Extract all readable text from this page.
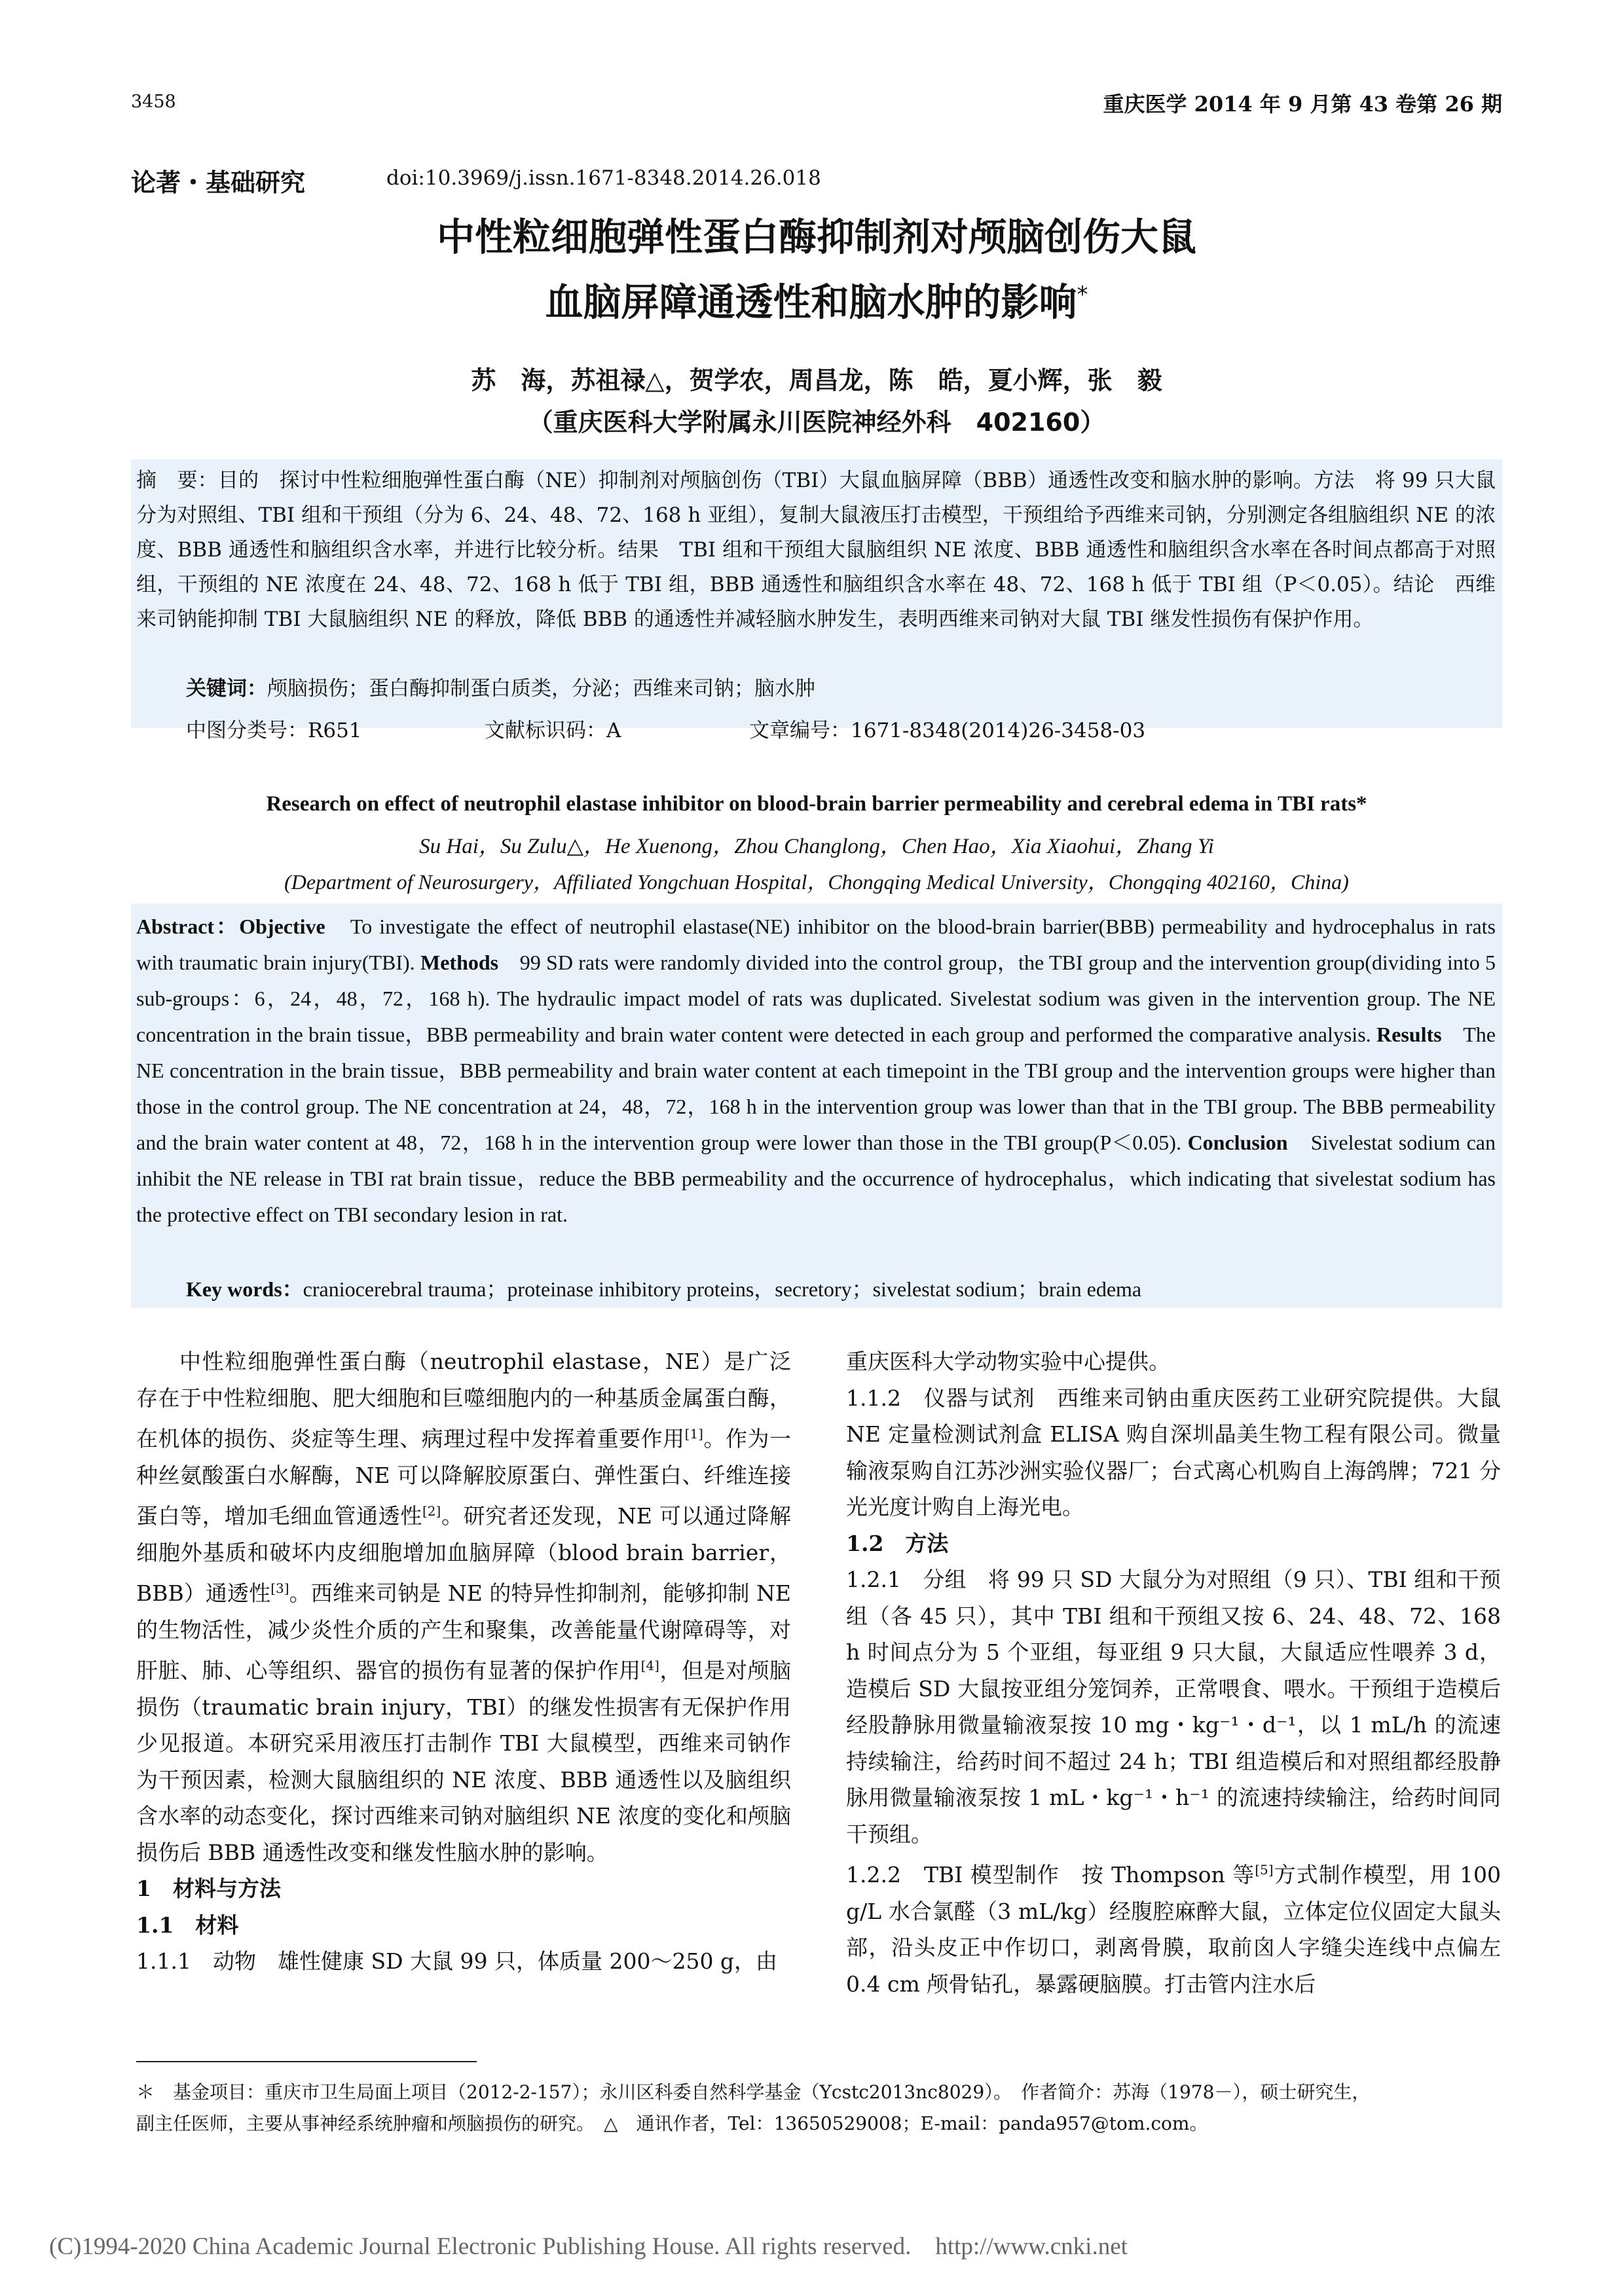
3458	重庆医学 2014 年 9 月第 43 卷第 26 期
论著・基础研究	doi:10.3969/j.issn.1671-8348.2014.26.018
中性粒细胞弹性蛋白酶抑制剂对颅脑创伤大鼠
血脑屏障通透性和脑水肿的影响*
苏　海，苏祖禄△，贺学农，周昌龙，陈　皓，夏小辉，张　毅
（重庆医科大学附属永川医院神经外科　402160）
摘　要：目的　探讨中性粒细胞弹性蛋白酶（NE）抑制剂对颅脑创伤（TBI）大鼠血脑屏障（BBB）通透性改变和脑水肿的影响。方法　将 99 只大鼠分为对照组、TBI 组和干预组（分为 6、24、48、72、168 h 亚组），复制大鼠液压打击模型，干预组给予西维来司钠，分别测定各组脑组织 NE 的浓度、BBB 通透性和脑组织含水率，并进行比较分析。结果　TBI 组和干预组大鼠脑组织 NE 浓度、BBB 通透性和脑组织含水率在各时间点都高于对照组，干预组的 NE 浓度在 24、48、72、168 h 低于 TBI 组，BBB 通透性和脑组织含水率在 48、72、168 h 低于 TBI 组（P＜0.05）。结论　西维来司钠能抑制 TBI 大鼠脑组织 NE 的释放，降低 BBB 的通透性并减轻脑水肿发生，表明西维来司钠对大鼠 TBI 继发性损伤有保护作用。
关键词：颅脑损伤；蛋白酶抑制蛋白质类，分泌；西维来司钠；脑水肿
中图分类号：R651	文献标识码：A	文章编号：1671-8348(2014)26-3458-03
Research on effect of neutrophil elastase inhibitor on blood-brain barrier permeability and cerebral edema in TBI rats*
Su Hai，Su Zulu△，He Xuenong，Zhou Changlong，Chen Hao，Xia Xiaohui，Zhang Yi
(Department of Neurosurgery，Affiliated Yongchuan Hospital，Chongqing Medical University，Chongqing 402160，China)
Abstract：Objective　To investigate the effect of neutrophil elastase(NE) inhibitor on the blood-brain barrier(BBB) permeability and hydrocephalus in rats with traumatic brain injury(TBI). Methods　99 SD rats were randomly divided into the control group，the TBI group and the intervention group(dividing into 5 sub-groups：6，24，48，72，168 h). The hydraulic impact model of rats was duplicated. Sivelestat sodium was given in the intervention group. The NE concentration in the brain tissue，BBB permeability and brain water content were detected in each group and performed the comparative analysis. Results　The NE concentration in the brain tissue，BBB permeability and brain water content at each timepoint in the TBI group and the intervention groups were higher than those in the control group. The NE concentration at 24，48，72，168 h in the intervention group was lower than that in the TBI group. The BBB permeability and the brain water content at 48，72，168 h in the intervention group were lower than those in the TBI group(P＜0.05). Conclusion　Sivelestat sodium can inhibit the NE release in TBI rat brain tissue，reduce the BBB permeability and the occurrence of hydrocephalus，which indicating that sivelestat sodium has the protective effect on TBI secondary lesion in rat.
Key words：craniocerebral trauma；proteinase inhibitory proteins，secretory；sivelestat sodium；brain edema

中性粒细胞弹性蛋白酶（neutrophil elastase，NE）是广泛存在于中性粒细胞、肥大细胞和巨噬细胞内的一种基质金属蛋白酶，在机体的损伤、炎症等生理、病理过程中发挥着重要作用[1]。作为一种丝氨酸蛋白水解酶，NE 可以降解胶原蛋白、弹性蛋白、纤维连接蛋白等，增加毛细血管通透性[2]。研究者还发现，NE 可以通过降解细胞外基质和破坏内皮细胞增加血脑屏障（blood brain barrier，BBB）通透性[3]。西维来司钠是 NE 的特异性抑制剂，能够抑制 NE 的生物活性，减少炎性介质的产生和聚集，改善能量代谢障碍等，对肝脏、肺、心等组织、器官的损伤有显著的保护作用[4]，但是对颅脑损伤（traumatic brain injury，TBI）的继发性损害有无保护作用少见报道。本研究采用液压打击制作 TBI 大鼠模型，西维来司钠作为干预因素，检测大鼠脑组织的 NE 浓度、BBB 通透性以及脑组织含水率的动态变化，探讨西维来司钠对脑组织 NE 浓度的变化和颅脑损伤后 BBB 通透性改变和继发性脑水肿的影响。

1　材料与方法

1.1　材料

1.1.1　动物　雄性健康 SD 大鼠 99 只，体质量 200～250 g，由

重庆医科大学动物实验中心提供。

1.1.2　仪器与试剂　西维来司钠由重庆医药工业研究院提供。大鼠 NE 定量检测试剂盒 ELISA 购自深圳晶美生物工程有限公司。微量输液泵购自江苏沙洲实验仪器厂；台式离心机购自上海鸽牌；721 分光光度计购自上海光电。

1.2　方法

1.2.1　分组　将 99 只 SD 大鼠分为对照组（9 只）、TBI 组和干预组（各 45 只），其中 TBI 组和干预组又按 6、24、48、72、168 h 时间点分为 5 个亚组，每亚组 9 只大鼠，大鼠适应性喂养 3 d，造模后 SD 大鼠按亚组分笼饲养，正常喂食、喂水。干预组于造模后经股静脉用微量输液泵按 10 mg・kg⁻¹・d⁻¹，以 1 mL/h 的流速持续输注，给药时间不超过 24 h；TBI 组造模后和对照组都经股静脉用微量输液泵按 1 mL・kg⁻¹・h⁻¹ 的流速持续输注，给药时间同干预组。

1.2.2　TBI 模型制作　按 Thompson 等[5]方式制作模型，用 100 g/L 水合氯醛（3 mL/kg）经腹腔麻醉大鼠，立体定位仪固定大鼠头部，沿头皮正中作切口，剥离骨膜，取前囟人字缝尖连线中点偏左 0.4 cm 颅骨钻孔，暴露硬脑膜。打击管内注水后

＊　基金项目：重庆市卫生局面上项目（2012-2-157）；永川区科委自然科学基金（Ycstc2013nc8029）。　作者简介：苏海（1978－），硕士研究生，
副主任医师，主要从事神经系统肿瘤和颅脑损伤的研究。　△　通讯作者，Tel：13650529008；E-mail：panda957@tom.com。
(C)1994-2020 China Academic Journal Electronic Publishing House. All rights reserved.    http://www.cnki.net
